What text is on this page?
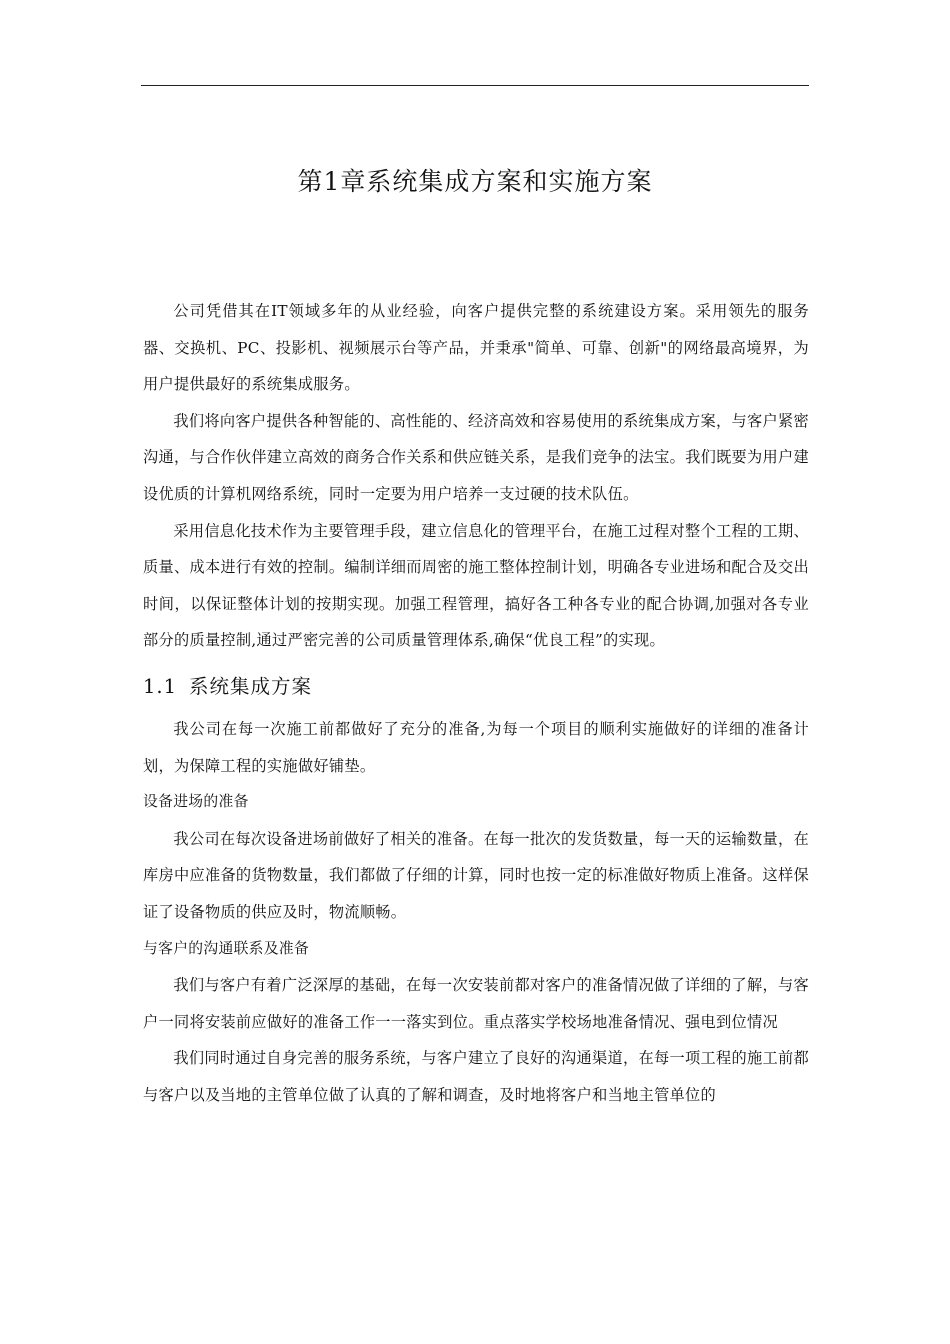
第1章系统集成方案和实施方案

公司凭借其在IT领域多年的从业经验，向客户提供完整的系统建设方案。采用领先的服务器、交换机、PC、投影机、视频展示台等产品，并秉承"简单、可靠、创新"的网络最高境界，为用户提供最好的系统集成服务。

我们将向客户提供各种智能的、高性能的、经济高效和容易使用的系统集成方案，与客户紧密沟通，与合作伙伴建立高效的商务合作关系和供应链关系，是我们竞争的法宝。我们既要为用户建设优质的计算机网络系统，同时一定要为用户培养一支过硬的技术队伍。

采用信息化技术作为主要管理手段，建立信息化的管理平台，在施工过程对整个工程的工期、质量、成本进行有效的控制。编制详细而周密的施工整体控制计划，明确各专业进场和配合及交出时间，以保证整体计划的按期实现。加强工程管理，搞好各工种各专业的配合协调,加强对各专业部分的质量控制,通过严密完善的公司质量管理体系,确保“优良工程”的实现。

1.1 系统集成方案

我公司在每一次施工前都做好了充分的准备,为每一个项目的顺利实施做好的详细的准备计划，为保障工程的实施做好铺垫。

设备进场的准备

我公司在每次设备进场前做好了相关的准备。在每一批次的发货数量，每一天的运输数量，在库房中应准备的货物数量，我们都做了仔细的计算，同时也按一定的标准做好物质上准备。这样保证了设备物质的供应及时，物流顺畅。

与客户的沟通联系及准备

我们与客户有着广泛深厚的基础，在每一次安装前都对客户的准备情况做了详细的了解，与客户一同将安装前应做好的准备工作一一落实到位。重点落实学校场地准备情况、强电到位情况

我们同时通过自身完善的服务系统，与客户建立了良好的沟通渠道，在每一项工程的施工前都与客户以及当地的主管单位做了认真的了解和调查，及时地将客户和当地主管单位的
